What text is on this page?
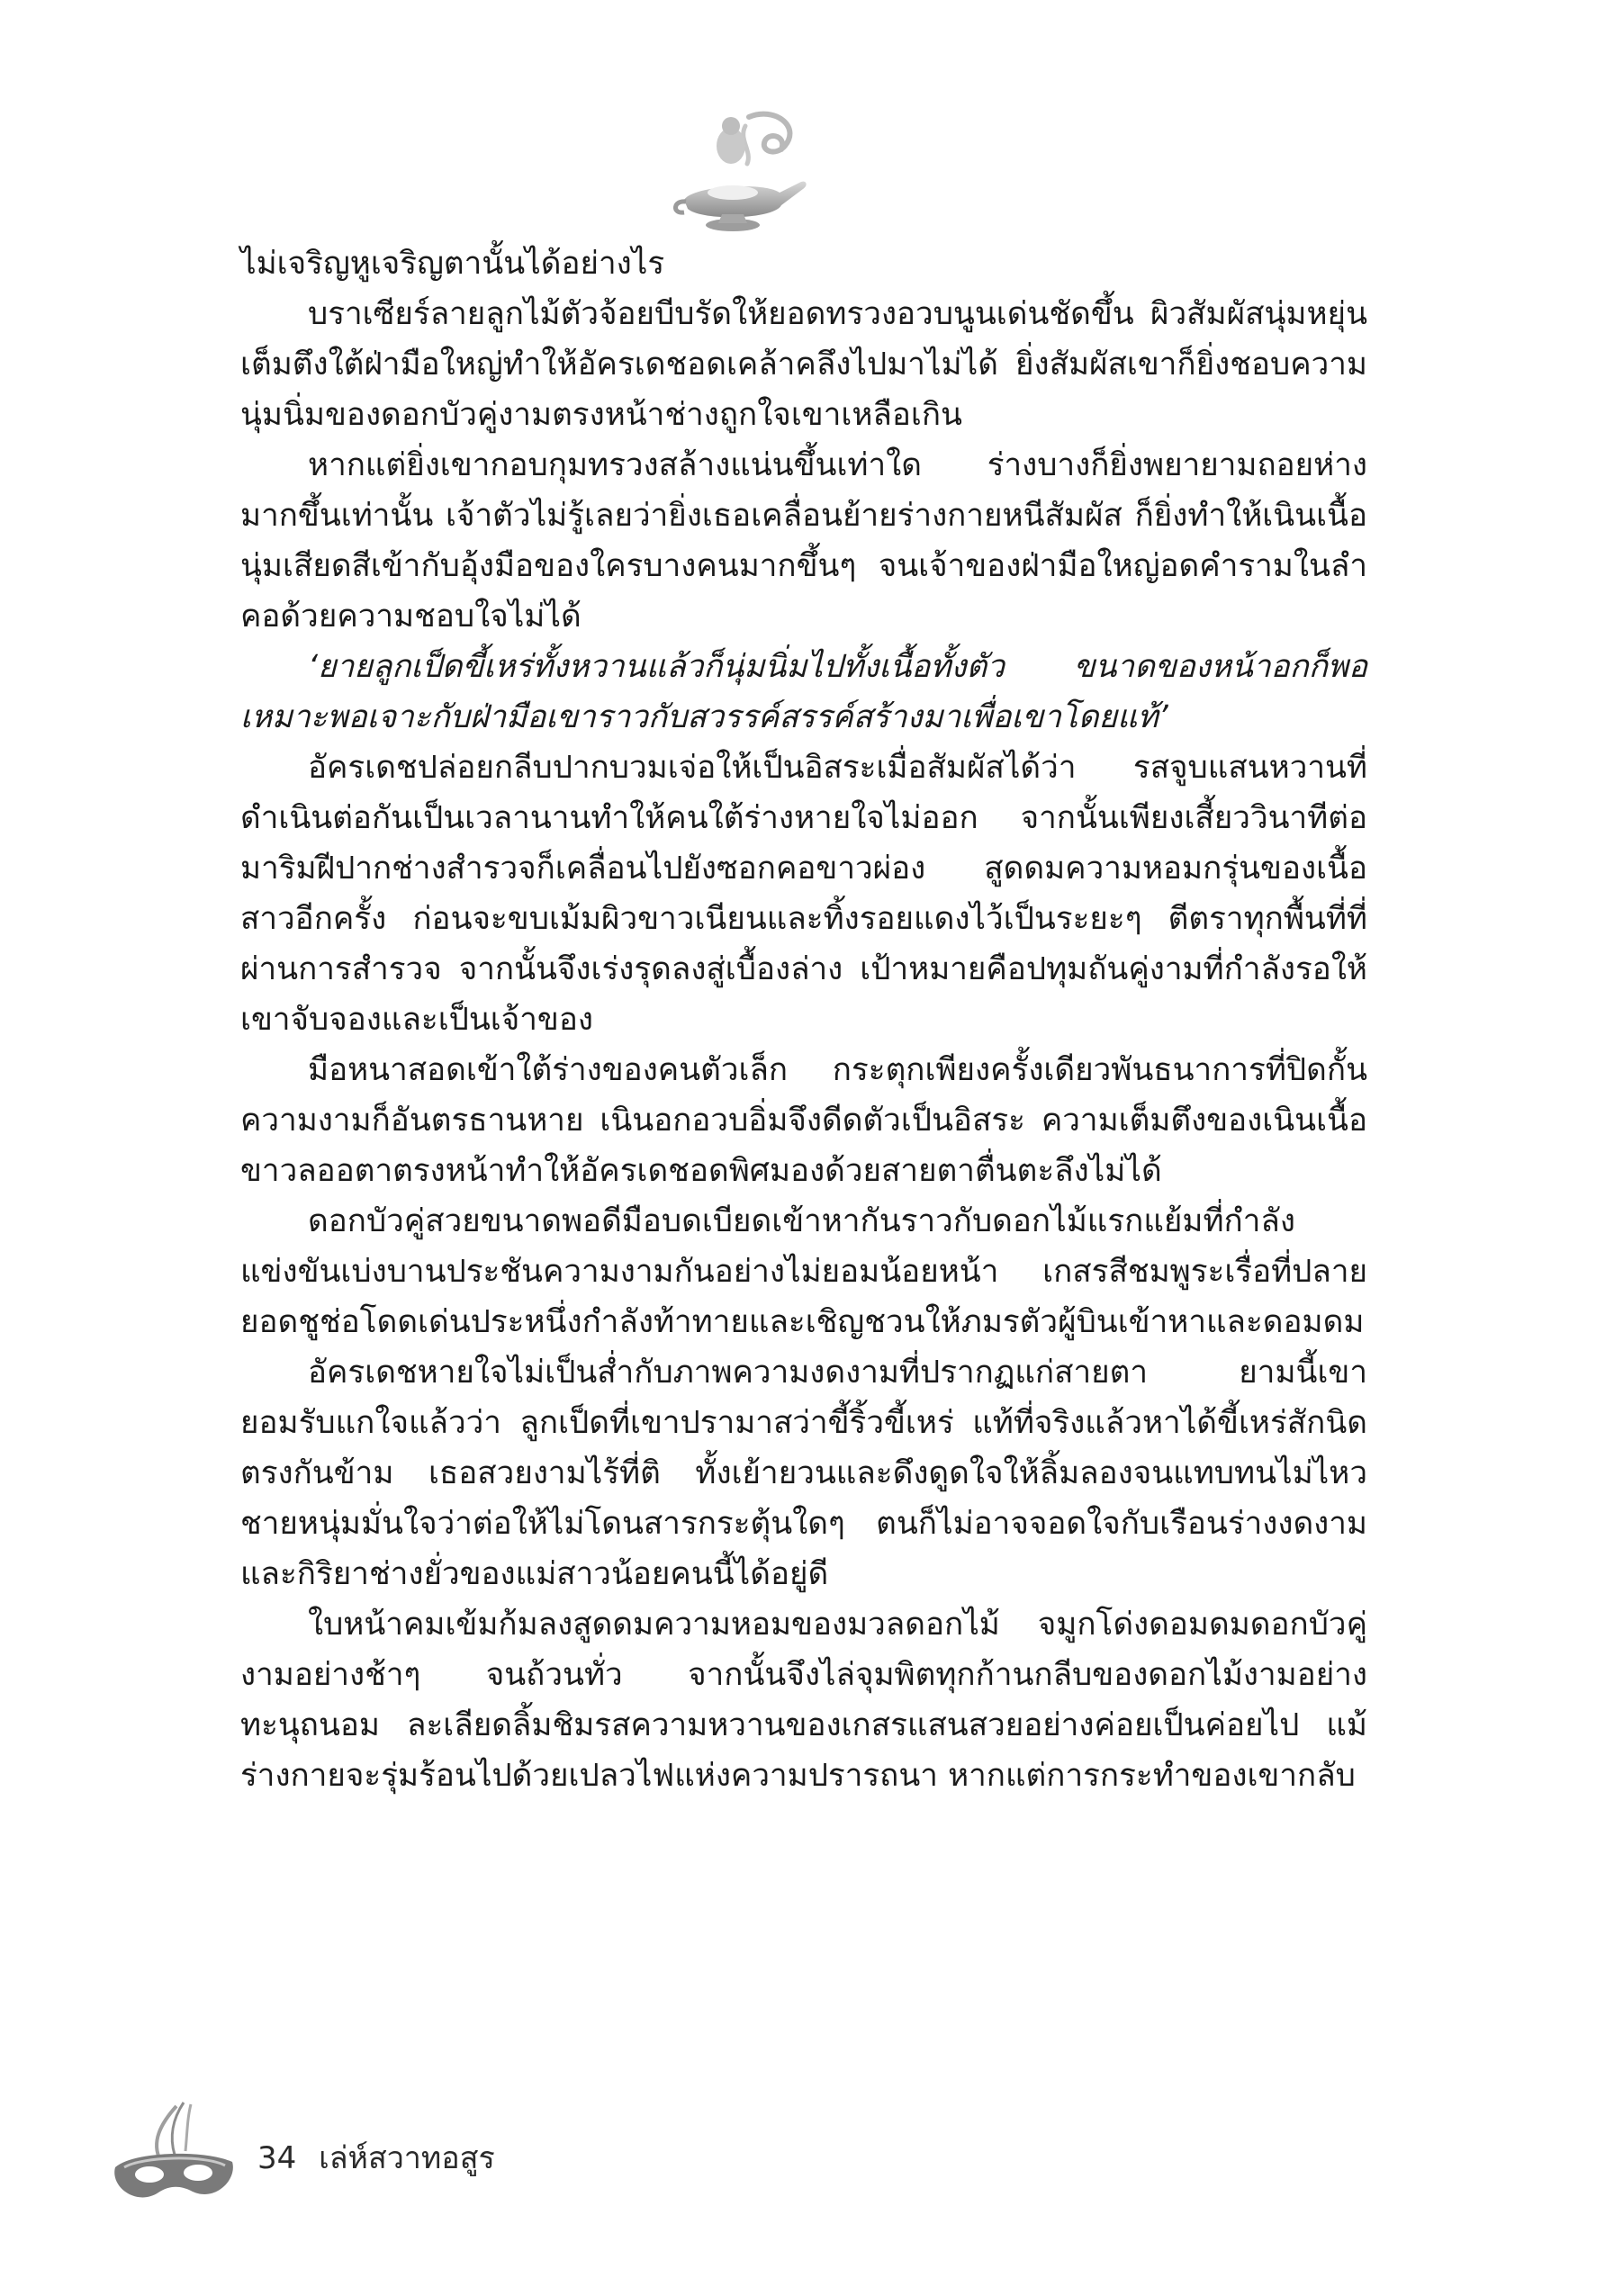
ไม่เจริญหูเจริญตานั้นได้อย่างไร

บราเซียร์ลายลูกไม้ตัวจ้อยบีบรัดให้ยอดทรวงอวบนูนเด่นชัดขึ้น ผิวสัมผัสนุ่มหยุ่นเต็มตึงใต้ฝ่ามือใหญ่ทำให้อัครเดชอดเคล้าคลึงไปมาไม่ได้ ยิ่งสัมผัสเขาก็ยิ่งชอบความนุ่มนิ่มของดอกบัวคู่งามตรงหน้าช่างถูกใจเขาเหลือเกิน

หากแต่ยิ่งเขากอบกุมทรวงสล้างแน่นขึ้นเท่าใด ร่างบางก็ยิ่งพยายามถอยห่างมากขึ้นเท่านั้น เจ้าตัวไม่รู้เลยว่ายิ่งเธอเคลื่อนย้ายร่างกายหนีสัมผัส ก็ยิ่งทำให้เนินเนื้อนุ่มเสียดสีเข้ากับอุ้งมือของใครบางคนมากขึ้นๆ จนเจ้าของฝ่ามือใหญ่อดคำรามในลำคอด้วยความชอบใจไม่ได้

‘ยายลูกเป็ดขี้เหร่ทั้งหวานแล้วก็นุ่มนิ่มไปทั้งเนื้อทั้งตัว ขนาดของหน้าอกก็พอเหมาะพอเจาะกับฝ่ามือเขาราวกับสวรรค์สรรค์สร้างมาเพื่อเขาโดยแท้’

อัครเดชปล่อยกลีบปากบวมเจ่อให้เป็นอิสระเมื่อสัมผัสได้ว่า รสจูบแสนหวานที่ดำเนินต่อกันเป็นเวลานานทำให้คนใต้ร่างหายใจไม่ออก จากนั้นเพียงเสี้ยววินาทีต่อมาริมฝีปากช่างสำรวจก็เคลื่อนไปยังซอกคอขาวผ่อง สูดดมความหอมกรุ่นของเนื้อสาวอีกครั้ง ก่อนจะขบเม้มผิวขาวเนียนและทิ้งรอยแดงไว้เป็นระยะๆ ตีตราทุกพื้นที่ที่ผ่านการสำรวจ จากนั้นจึงเร่งรุดลงสู่เบื้องล่าง เป้าหมายคือปทุมถันคู่งามที่กำลังรอให้เขาจับจองและเป็นเจ้าของ

มือหนาสอดเข้าใต้ร่างของคนตัวเล็ก กระตุกเพียงครั้งเดียวพันธนาการที่ปิดกั้นความงามก็อันตรธานหาย เนินอกอวบอิ่มจึงดีดตัวเป็นอิสระ ความเต็มตึงของเนินเนื้อขาวลออตาตรงหน้าทำให้อัครเดชอดพิศมองด้วยสายตาตื่นตะลึงไม่ได้

ดอกบัวคู่สวยขนาดพอดีมือบดเบียดเข้าหากันราวกับดอกไม้แรกแย้มที่กำลังแข่งขันเบ่งบานประชันความงามกันอย่างไม่ยอมน้อยหน้า เกสรสีชมพูระเรื่อที่ปลายยอดชูช่อโดดเด่นประหนึ่งกำลังท้าทายและเชิญชวนให้ภมรตัวผู้บินเข้าหาและดอมดม

อัครเดชหายใจไม่เป็นส่ำกับภาพความงดงามที่ปรากฏแก่สายตา ยามนี้เขายอมรับแกใจแล้วว่า ลูกเป็ดที่เขาปรามาสว่าขี้ริ้วขี้เหร่ แท้ที่จริงแล้วหาได้ขี้เหร่สักนิดตรงกันข้าม เธอสวยงามไร้ที่ติ ทั้งเย้ายวนและดึงดูดใจให้ลิ้มลองจนแทบทนไม่ไหว ชายหนุ่มมั่นใจว่าต่อให้ไม่โดนสารกระตุ้นใดๆ ตนก็ไม่อาจจอดใจกับเรือนร่างงดงามและกิริยาช่างยั่วของแม่สาวน้อยคนนี้ได้อยู่ดี

ใบหน้าคมเข้มก้มลงสูดดมความหอมของมวลดอกไม้ จมูกโด่งดอมดมดอกบัวคู่งามอย่างช้าๆ จนถ้วนทั่ว จากนั้นจึงไล่จุมพิตทุกก้านกลีบของดอกไม้งามอย่างทะนุถนอม ละเลียดลิ้มชิมรสความหวานของเกสรแสนสวยอย่างค่อยเป็นค่อยไป แม้ร่างกายจะรุ่มร้อนไปด้วยเปลวไฟแห่งความปรารถนา หากแต่การกระทำของเขากลับ

34 เล่ห์สวาทอสูร
